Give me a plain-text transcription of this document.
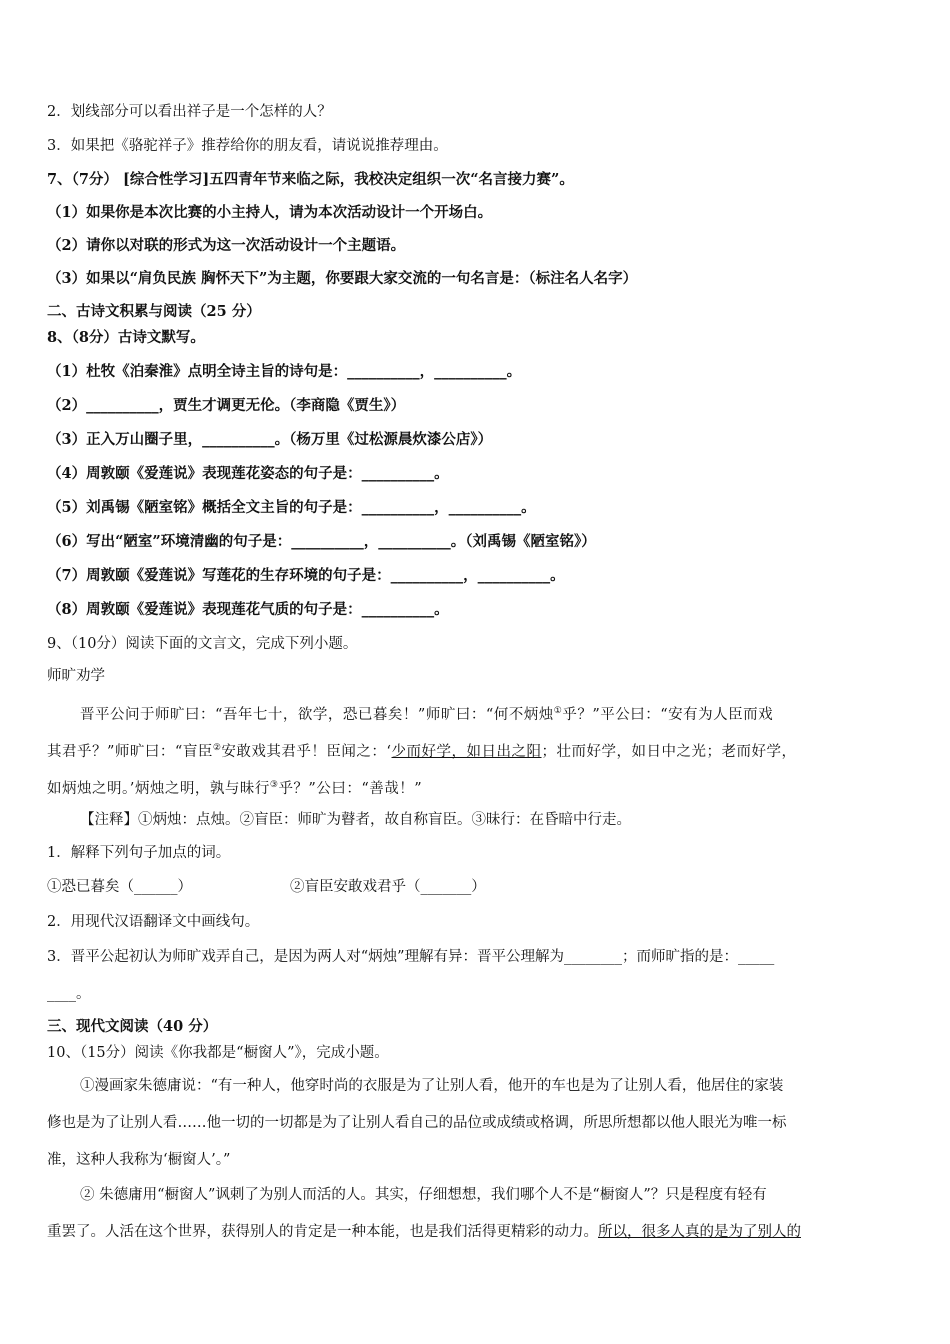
2．划线部分可以看出祥子是一个怎样的人？
3．如果把《骆驼祥子》推荐给你的朋友看，请说说推荐理由。
7、（7分） [综合性学习]五四青年节来临之际，我校决定组织一次“名言接力赛”。
（1）如果你是本次比赛的小主持人，请为本次活动设计一个开场白。
（2）请你以对联的形式为这一次活动设计一个主题语。
（3）如果以“肩负民族 胸怀天下”为主题，你要跟大家交流的一句名言是：（标注名人名字）
二、古诗文积累与阅读（25 分）
8、（8分）古诗文默写。
（1）杜牧《泊秦淮》点明全诗主旨的诗句是：__________，__________。
（2）__________，贾生才调更无伦。（李商隐《贾生》）
（3）正入万山圈子里，__________。（杨万里《过松源晨炊漆公店》）
（4）周敦颐《爱莲说》表现莲花姿态的句子是：__________。
（5）刘禹锡《陋室铭》概括全文主旨的句子是：__________，__________。
（6）写出“陋室”环境清幽的句子是：__________，__________。（刘禹锡《陋室铭》）
（7）周敦颐《爱莲说》写莲花的生存环境的句子是：__________，__________。
（8）周敦颐《爱莲说》表现莲花气质的句子是：__________。
9、（10分）阅读下面的文言文，完成下列小题。
师旷劝学
晋平公问于师旷曰：“吾年七十，欲学，恐已暮矣！”师旷曰：“何不炳烛①乎？”平公曰：“安有为人臣而戏
其君乎？”师旷曰：“盲臣②安敢戏其君乎！臣闻之：‘少而好学，如日出之阳；壮而好学，如日中之光；老而好学，
如炳烛之明。’炳烛之明，孰与昧行③乎？”公曰：“善哉！”
【注释】①炳烛：点烛。②盲臣：师旷为瞽者，故自称盲臣。③昧行：在昏暗中行走。
1．解释下列句子加点的词。
①恐已暮矣（______）	②盲臣安敢戏君乎（_______）
2．用现代汉语翻译文中画线句。
3．晋平公起初认为师旷戏弄自己，是因为两人对“炳烛”理解有异：晋平公理解为________；而师旷指的是：_____
____。
三、现代文阅读（40 分）
10、（15分）阅读《你我都是“橱窗人”》，完成小题。
①漫画家朱德庸说：“有一种人，他穿时尚的衣服是为了让别人看，他开的车也是为了让别人看，他居住的家装
修也是为了让别人看……他一切的一切都是为了让别人看自己的品位或成绩或格调，所思所想都以他人眼光为唯一标
准，这种人我称为‘橱窗人’。”
② 朱德庸用“橱窗人”讽刺了为别人而活的人。其实，仔细想想，我们哪个人不是“橱窗人”？只是程度有轻有
重罢了。人活在这个世界，获得别人的肯定是一种本能，也是我们活得更精彩的动力。所以，很多人真的是为了别人的
